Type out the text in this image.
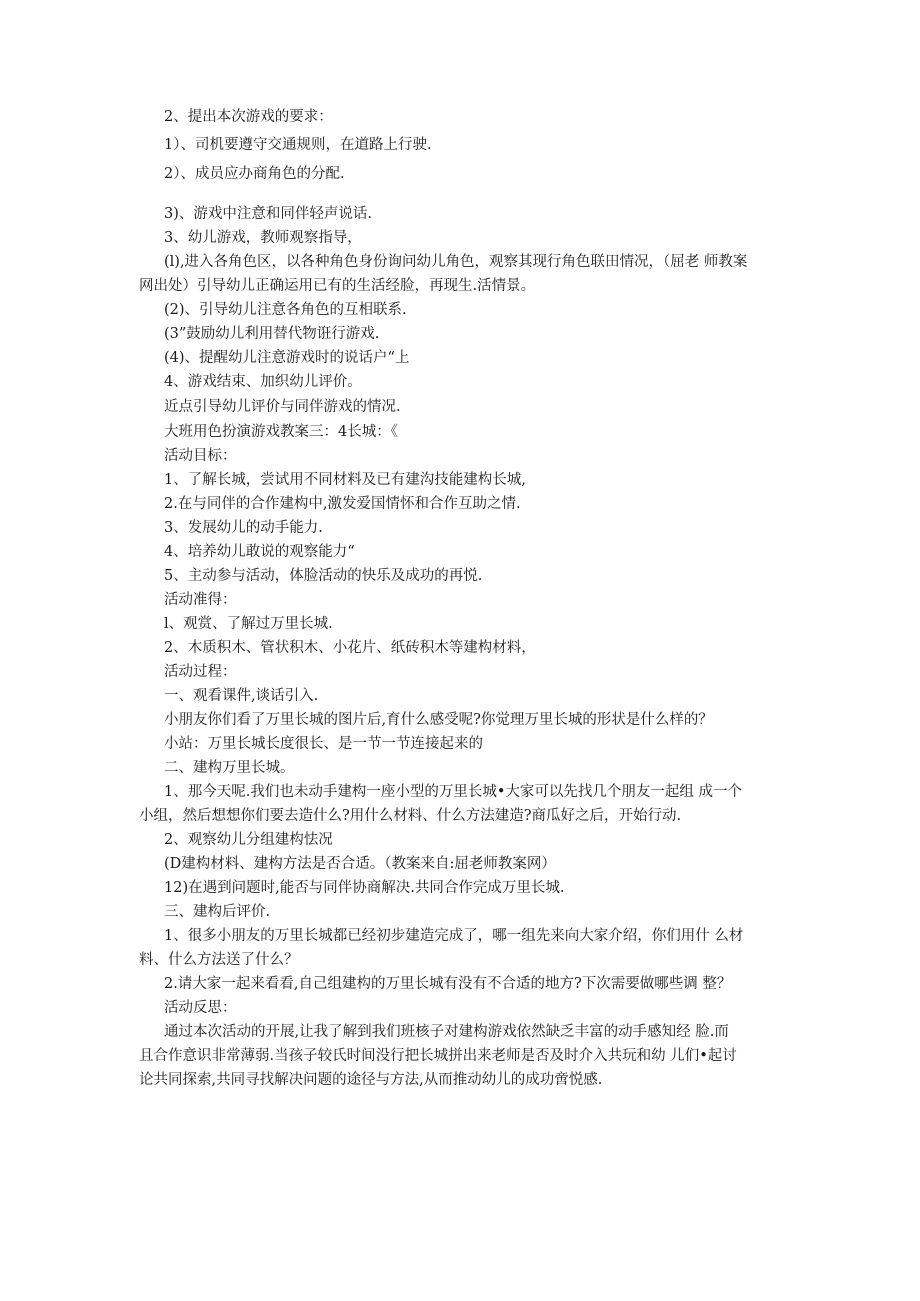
2、提出本次游戏的要求：
1）、司机要遵守交通规则，在道路上行驶.
2）、成员应办商角色的分配.
3)、游戏中注意和同伴轻声说话.
3、幼儿游戏，教师观察指导，
(l),进入各角色区，以各种角色身份询问幼儿角色，观察其现行角色联田情况，（屈老 师教案
网出处）引导幼儿正确运用已有的生活经脸，再现生.活情景。
(2)、引导幼儿注意各角色的互相联系.
(3”鼓励幼儿利用替代物诳行游戏.
(4)、提醒幼儿注意游戏时的说话户“上
4、游戏结束、加织幼儿评价。
近点引导幼儿评价与同伴游戏的情况.
大班用色扮演游戏教案三：4长城：《
活动目标：
1、了解长城，尝试用不同材料及已有建沟技能建构长城,
2.在与同伴的合作建构中,激发爱国情怀和合作互助之情.
3、发展幼儿的动手能力.
4、培养幼儿敢说的观察能力“
5、主动参与活动，体脸活动的快乐及成功的再悦.
活动准得：
l、观赏、了解过万里长城.
2、木质积木、管状积木、小花片、纸砖积木等建构材料，
活动过程：
一、观看课件,谈话引入.
小朋友你们看了万里长城的图片后,育什么感受呢?你觉理万里长城的形状是什么样的？
小站：万里长城长度很长、是一节一节连接起来的
二、建构万里长城。
1、那今天呢.我们也未动手建构一座小型的万里长城•大家可以先找几个朋友一起组 成一个
小组，然后想想你们要去造什么?用什么材料、什么方法建造?商瓜好之后，开始行动.
2、观察幼儿分组建构怯况
(D建构材料、建构方法是否合适。（教案来自:屈老师教案网）
12)在遇到问题时,能否与同伴协商解决.共同合作完成万里长城.
三、建构后评价.
1、很多小朋友的万里长城都已经初步建造完成了，哪一组先来向大家介绍，你们用什 么材
料、什么方法送了什么？
2.请大家一起来看看,自己组建构的万里长城有没有不合适的地方?下次需要做哪些调 整？
活动反思：
通过本次活动的开展,让我了解到我们班核子对建构游戏依然缺乏丰富的动手感知经 脸.而
且合作意识非常薄弱.当孩子较氏时间没行把长城拼出来老师是否及时介入共玩和幼 儿们•起讨
论共同探索,共同寻找解决问题的途径与方法,从而推动幼儿的成功啻悦感.
